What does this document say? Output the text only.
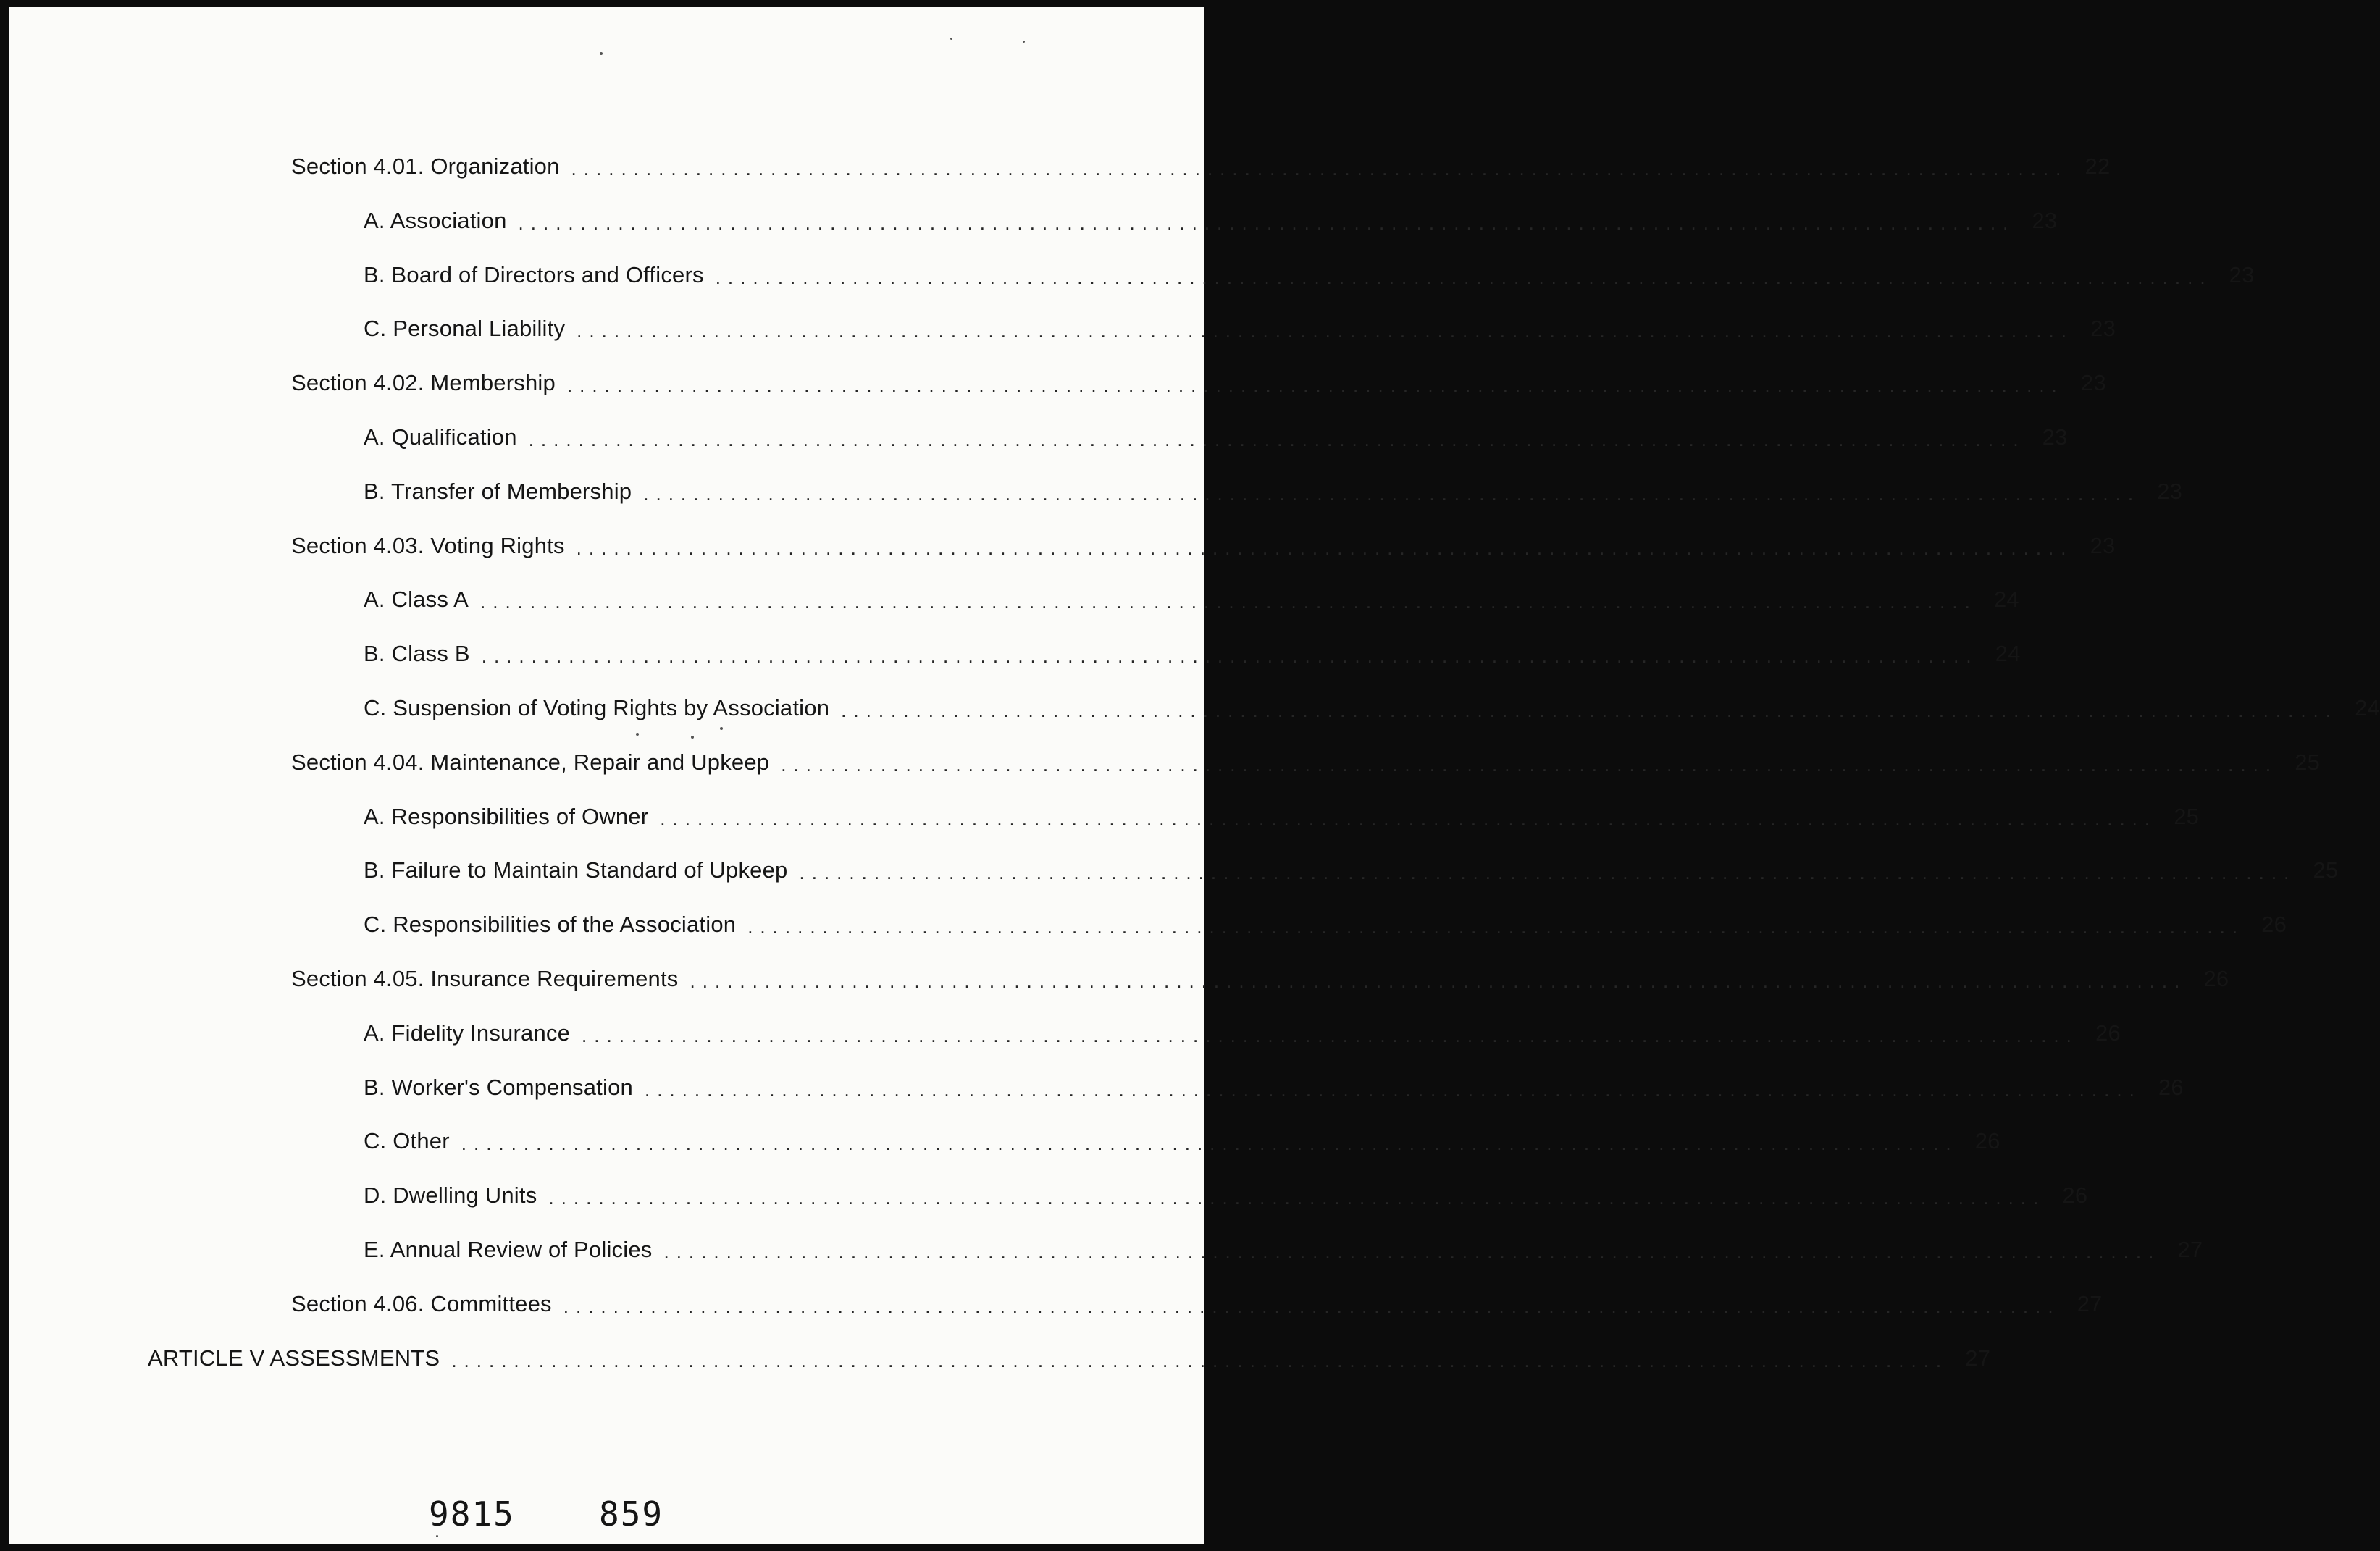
Section 4.01. Organization ........................................................................................................................ 22
A. Association ........................................................................................................................ 23
B. Board of Directors and Officers ........................................................................................................................ 23
C. Personal Liability ........................................................................................................................ 23
Section 4.02. Membership ........................................................................................................................ 23
A. Qualification ........................................................................................................................ 23
B. Transfer of Membership ........................................................................................................................ 23
Section 4.03. Voting Rights ........................................................................................................................ 23
A. Class A ........................................................................................................................ 24
B. Class B ........................................................................................................................ 24
C. Suspension of Voting Rights by Association ........................................................................................................................ 24
Section 4.04. Maintenance, Repair and Upkeep ........................................................................................................................ 25
A. Responsibilities of Owner ........................................................................................................................ 25
B. Failure to Maintain Standard of Upkeep ........................................................................................................................ 25
C. Responsibilities of the Association ........................................................................................................................ 26
Section 4.05. Insurance Requirements ........................................................................................................................ 26
A. Fidelity Insurance ........................................................................................................................ 26
B. Worker's Compensation ........................................................................................................................ 26
C. Other ........................................................................................................................ 26
D. Dwelling Units ........................................................................................................................ 26
E. Annual Review of Policies ........................................................................................................................ 27
Section 4.06. Committees ........................................................................................................................ 27
ARTICLE V ASSESSMENTS ........................................................................................................................ 27
9815	859
